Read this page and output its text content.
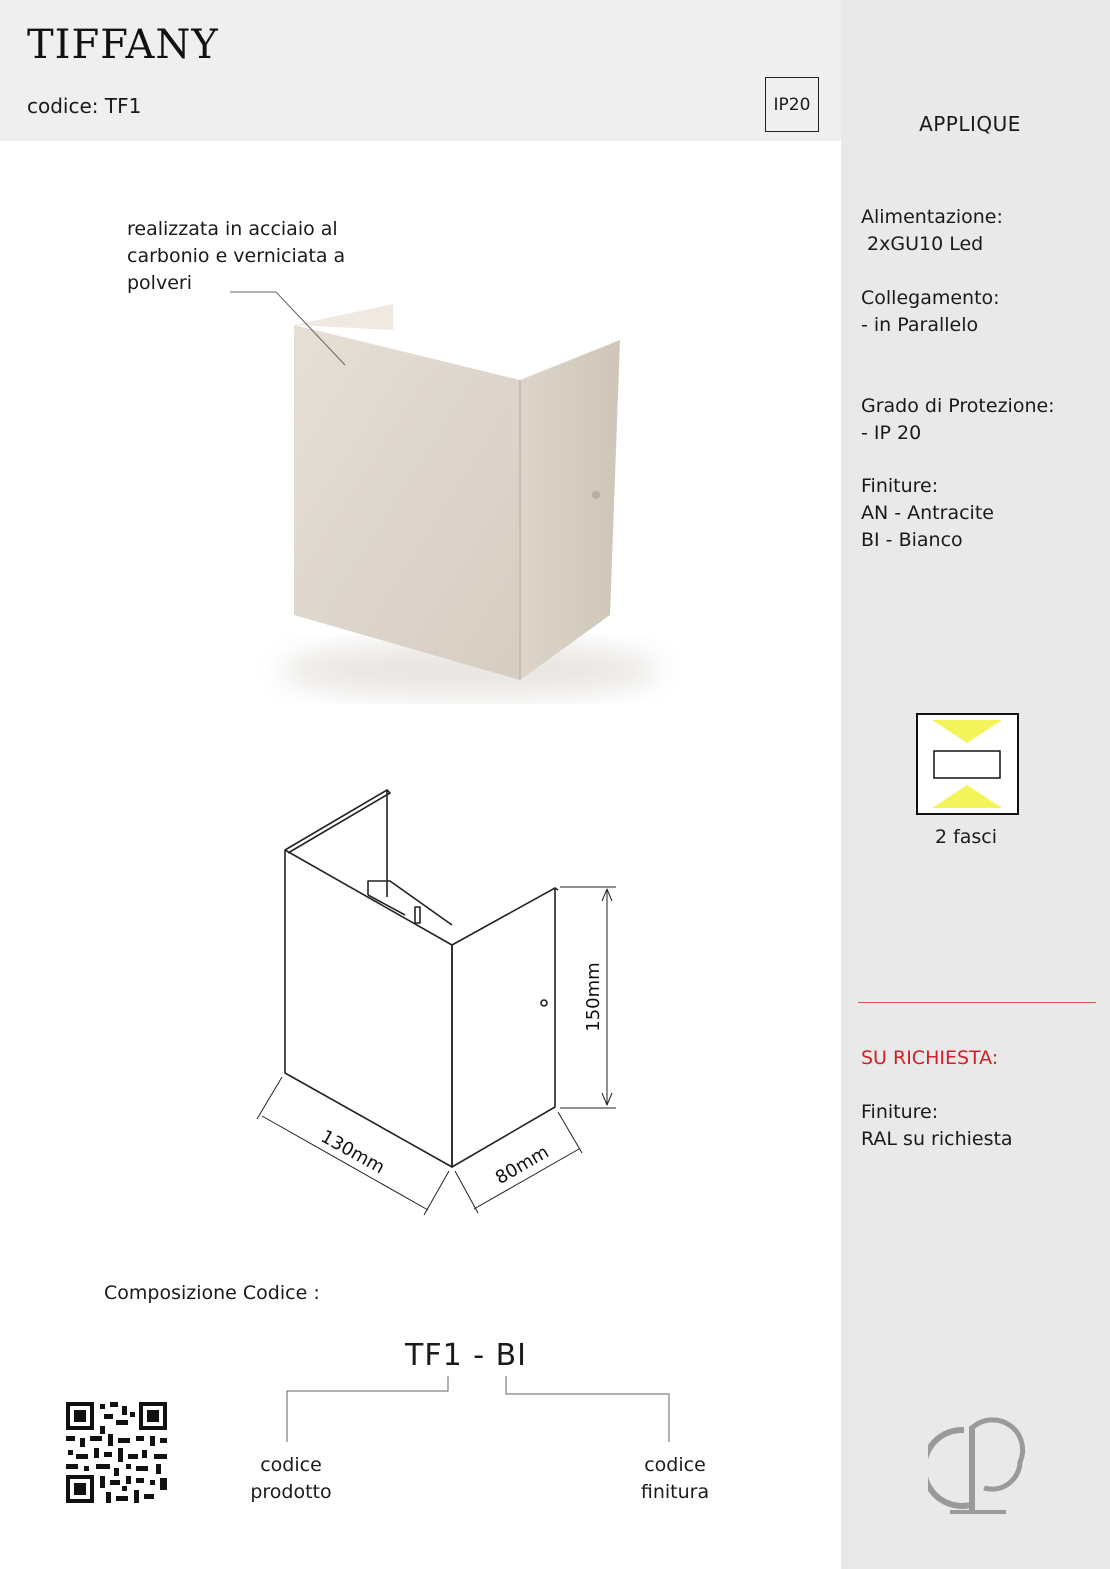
TIFFANY
codice: TF1	IP20
APPLIQUE
Alimentazione:
2xGU10 Led
Collegamento:
- in Parallelo
Grado di Protezione:
- IP 20
Finiture:
AN - Antracite
BI - Bianco
2 fasci
SU RICHIESTA:
Finiture:
RAL su richiesta
realizzata in acciaio al carbonio e verniciata a polveri
150mm
130mm	80mm
Composizione Codice :
TF1 - BI
codice
prodotto
codice
finitura
